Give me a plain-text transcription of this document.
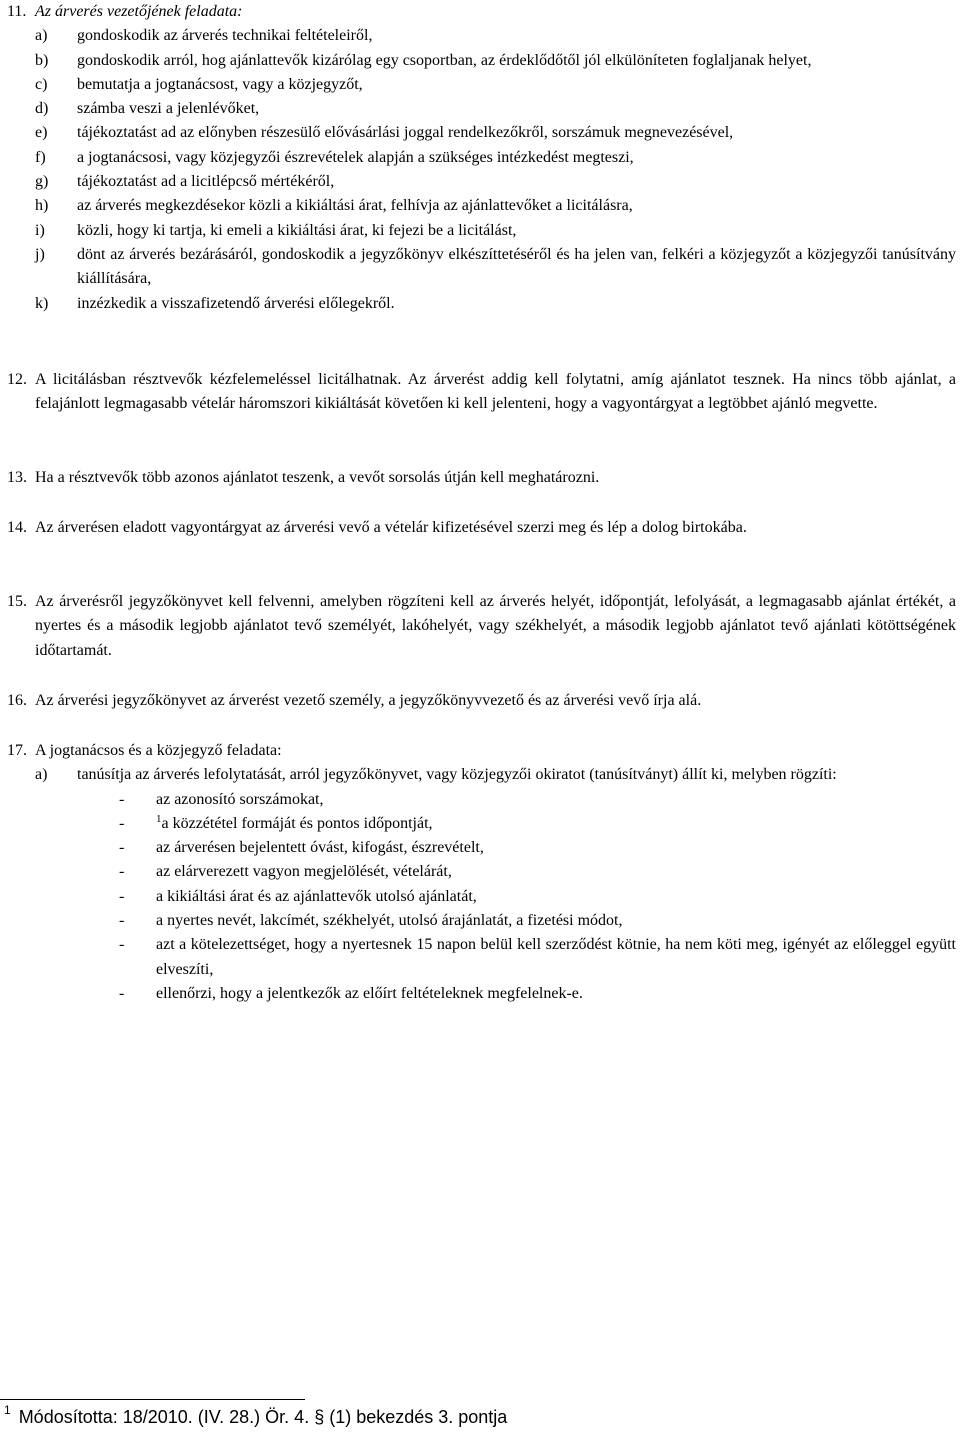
11. Az árverés vezetőjének feladata:
a) gondoskodik az árverés technikai feltételeiről,
b) gondoskodik arról, hog ajánlattevők kizárólag egy csoportban, az érdeklődőtől jól elkülöníteten foglaljanak helyet,
c) bemutatja a jogtanácsost, vagy a közjegyzőt,
d) számba veszi a jelenlévőket,
e) tájékoztatást ad az előnyben részesülő elővásárlási joggal rendelkezőkről, sorszámuk megnevezésével,
f) a jogtanácsosi, vagy közjegyzői észrevételek alapján a szükséges intézkedést megteszi,
g) tájékoztatást ad a licitlépcső mértékéről,
h) az árverés megkezdésekor közli a kikiáltási árat, felhívja az ajánlattevőket a licitálásra,
i) közli, hogy ki tartja, ki emeli a kikiáltási árat, ki fejezi be a licitálást,
j) dönt az árverés bezárásáról, gondoskodik a jegyzőkönyv elkészíttetéséről és ha jelen van, felkéri a közjegyzőt a közjegyzői tanúsítvány kiállítására,
k) inzézkedik a visszafizetendő árverési előlegekről.
12. A licitálásban résztvevők kézfelemeléssel licitálhatnak. Az árverést addig kell folytatni, amíg ajánlatot tesznek. Ha nincs több ajánlat, a felajánlott legmagasabb vételár háromszori kikiáltását követően ki kell jelenteni, hogy a vagyontárgyat a legtöbbet ajánló megvette.
13. Ha a résztvevők több azonos ajánlatot teszenk, a vevőt sorsolás útján kell meghatározni.
14. Az árverésen eladott vagyontárgyat az árverési vevő a vételár kifizetésével szerzi meg és lép a dolog birtokába.
15. Az árverésről jegyzőkönyvet kell felvenni, amelyben rögzíteni kell az árverés helyét, időpontját, lefolyását, a legmagasabb ajánlat értékét, a nyertes és a második legjobb ajánlatot tevő személyét, lakóhelyét, vagy székhelyét, a második legjobb ajánlatot tevő ajánlati kötöttségének időtartamát.
16. Az árverési jegyzőkönyvet az árverést vezető személy, a jegyzőkönyvvezető és az árverési vevő írja alá.
17. A jogtanácsos és a közjegyző feladata:
a) tanúsítja az árverés lefolytatását, arról jegyzőkönyvet, vagy közjegyzői okiratot (tanúsítványt) állít ki, melyben rögzíti:
- az azonosító sorszámokat,
-	$^1$a közzététel formáját és pontos időpontját,
- az árverésen bejelentett óvást, kifogást, észrevételt,
- az elárverezett vagyon megjelölését, vételárát,
- a kikiáltási árat és az ajánlattevők utolsó ajánlatát,
- a nyertes nevét, lakcímét, székhelyét, utolsó árajánlatát, a fizetési módot,
- azt a kötelezettséget, hogy a nyertesnek 15 napon belül kell szerződést kötnie, ha nem köti meg, igényét az előleggel együtt elveszíti,
- ellenőrzi, hogy a jelentkezők az előírt feltételeknek megfelelnek-e.
$^1$ Módosította: 18/2010. (IV. 28.) Ör. 4. § (1) bekezdés 3. pontja
